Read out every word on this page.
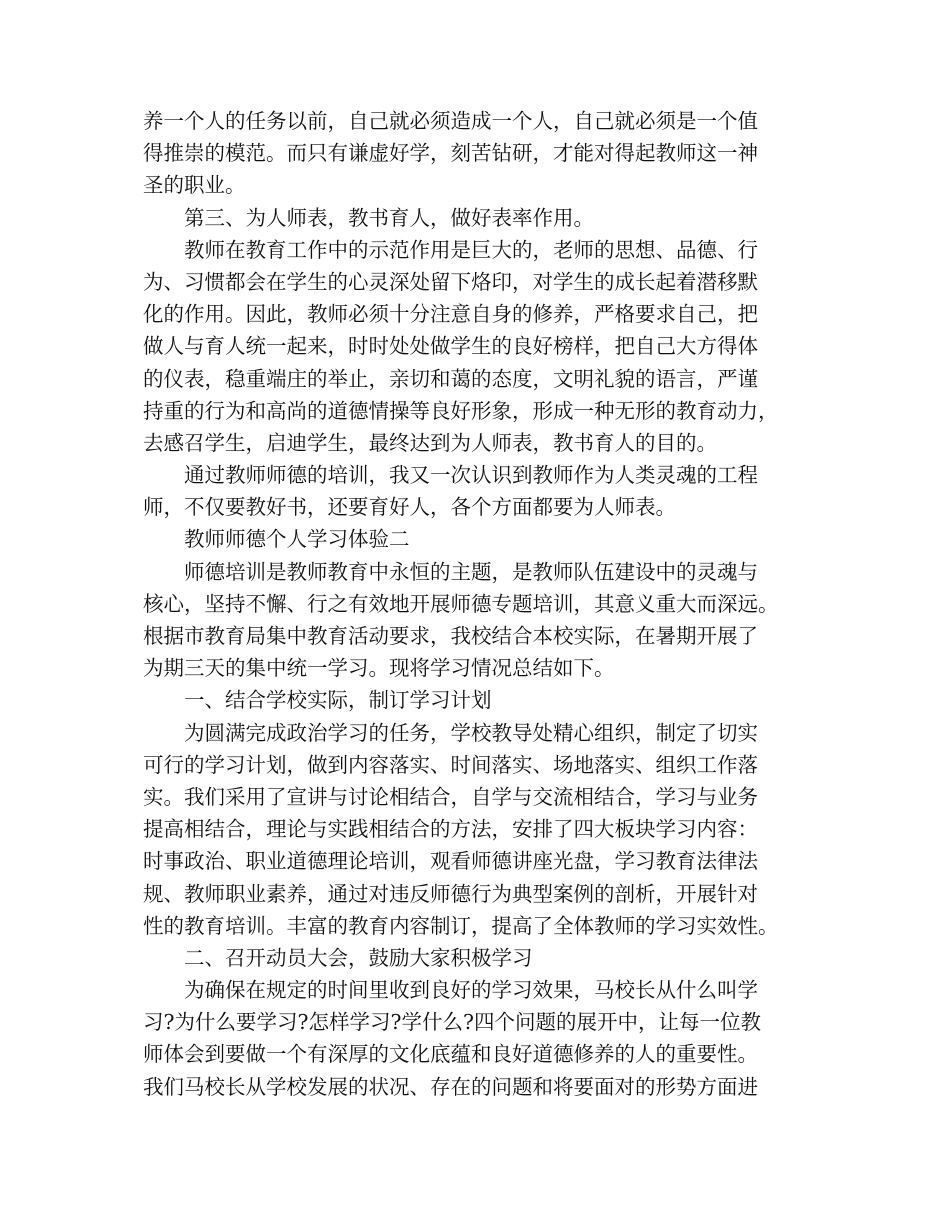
养一个人的任务以前，自己就必须造成一个人，自己就必须是一个值
得推崇的模范。而只有谦虚好学，刻苦钻研，才能对得起教师这一神
圣的职业。
第三、为人师表，教书育人，做好表率作用。
教师在教育工作中的示范作用是巨大的，老师的思想、品德、行
为、习惯都会在学生的心灵深处留下烙印，对学生的成长起着潜移默
化的作用。因此，教师必须十分注意自身的修养，严格要求自己，把
做人与育人统一起来，时时处处做学生的良好榜样，把自己大方得体
的仪表，稳重端庄的举止，亲切和蔼的态度，文明礼貌的语言，严谨
持重的行为和高尚的道德情操等良好形象，形成一种无形的教育动力，
去感召学生，启迪学生，最终达到为人师表，教书育人的目的。
通过教师师德的培训，我又一次认识到教师作为人类灵魂的工程
师，不仅要教好书，还要育好人，各个方面都要为人师表。
教师师德个人学习体验二
师德培训是教师教育中永恒的主题，是教师队伍建设中的灵魂与
核心，坚持不懈、行之有效地开展师德专题培训，其意义重大而深远。
根据市教育局集中教育活动要求，我校结合本校实际，在暑期开展了
为期三天的集中统一学习。现将学习情况总结如下。
一、结合学校实际，制订学习计划
为圆满完成政治学习的任务，学校教导处精心组织，制定了切实
可行的学习计划，做到内容落实、时间落实、场地落实、组织工作落
实。我们采用了宣讲与讨论相结合，自学与交流相结合，学习与业务
提高相结合，理论与实践相结合的方法，安排了四大板块学习内容：
时事政治、职业道德理论培训，观看师德讲座光盘，学习教育法律法
规、教师职业素养，通过对违反师德行为典型案例的剖析，开展针对
性的教育培训。丰富的教育内容制订，提高了全体教师的学习实效性。
二、召开动员大会，鼓励大家积极学习
为确保在规定的时间里收到良好的学习效果，马校长从什么叫学
习?为什么要学习?怎样学习?学什么?四个问题的展开中，让每一位教
师体会到要做一个有深厚的文化底蕴和良好道德修养的人的重要性。
我们马校长从学校发展的状况、存在的问题和将要面对的形势方面进
